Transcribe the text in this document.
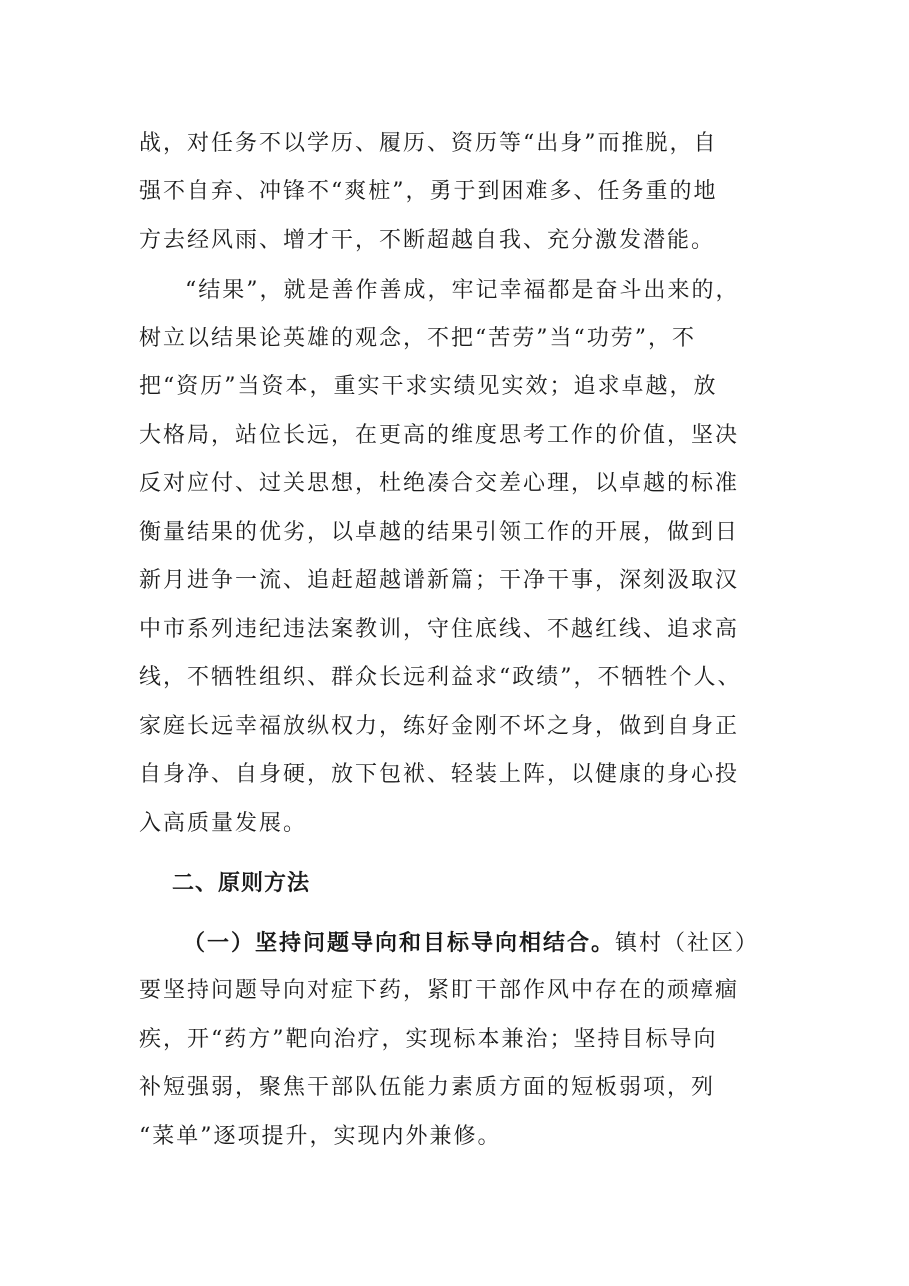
战，对任务不以学历、履历、资历等“出身”而推脱，自
强不自弃、冲锋不“爽桩”，勇于到困难多、任务重的地
方去经风雨、增才干，不断超越自我、充分激发潜能。
　“结果”，就是善作善成，牢记幸福都是奋斗出来的，
树立以结果论英雄的观念，不把“苦劳”当“功劳”，不
把“资历”当资本，重实干求实绩见实效；追求卓越，放
大格局，站位长远，在更高的维度思考工作的价值，坚决
反对应付、过关思想，杜绝凑合交差心理，以卓越的标准
衡量结果的优劣，以卓越的结果引领工作的开展，做到日
新月进争一流、追赶超越谱新篇；干净干事，深刻汲取汉
中市系列违纪违法案教训，守住底线、不越红线、追求高
线，不牺牲组织、群众长远利益求“政绩”，不牺牲个人、
家庭长远幸福放纵权力，练好金刚不坏之身，做到自身正
自身净、自身硬，放下包袱、轻装上阵，以健康的身心投
入高质量发展。
二、原则方法
（一）坚持问题导向和目标导向相结合。镇村（社区）
要坚持问题导向对症下药，紧盯干部作风中存在的顽瘴痼
疾，开“药方”靶向治疗，实现标本兼治；坚持目标导向
补短强弱，聚焦干部队伍能力素质方面的短板弱项，列
“菜单”逐项提升，实现内外兼修。
